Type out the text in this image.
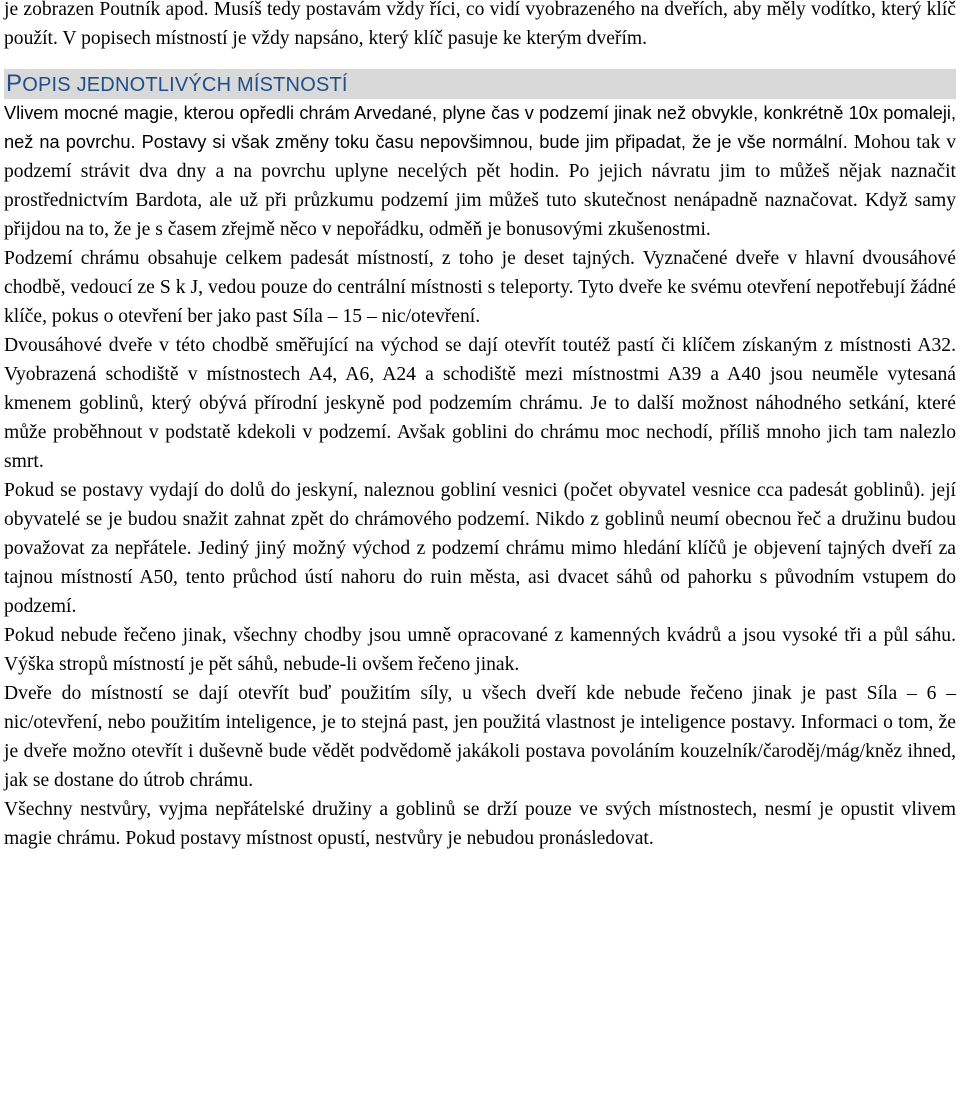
je zobrazen Poutník apod. Musíš tedy postavám vždy říci, co vidí vyobrazeného na dveřích, aby měly vodítko, který klíč použít. V popisech místností je vždy napsáno, který klíč pasuje ke kterým dveřím.

POPIS JEDNOTLIVÝCH MÍSTNOSTÍ

Vlivem mocné magie, kterou opředli chrám Arvedané, plyne čas v podzemí jinak než obvykle, konkrétně 10x pomaleji, než na povrchu. Postavy si však změny toku času nepovšimnou, bude jim připadat, že je vše normální. Mohou tak v podzemí strávit dva dny a na povrchu uplyne necelých pět hodin. Po jejich návratu jim to můžeš nějak naznačit prostřednictvím Bardota, ale už při průzkumu podzemí jim můžeš tuto skutečnost nenápadně naznačovat. Když samy přijdou na to, že je s časem zřejmě něco v nepořádku, odměň je bonusovými zkušenostmi.

Podzemí chrámu obsahuje celkem padesát místností, z toho je deset tajných. Vyznačené dveře v hlavní dvousáhové chodbě, vedoucí ze S k J, vedou pouze do centrální místnosti s teleporty. Tyto dveře ke svému otevření nepotřebují žádné klíče, pokus o otevření ber jako past Síla – 15 – nic/otevření.

Dvousáhové dveře v této chodbě směřující na východ se dají otevřít toutéž pastí či klíčem získaným z místnosti A32. Vyobrazená schodiště v místnostech A4, A6, A24 a schodiště mezi místnostmi A39 a A40 jsou neuměle vytesaná kmenem goblinů, který obývá přírodní jeskyně pod podzemím chrámu. Je to další možnost náhodného setkání, které může proběhnout v podstatě kdekoli v podzemí. Avšak goblini do chrámu moc nechodí, příliš mnoho jich tam nalezlo smrt.

Pokud se postavy vydají do dolů do jeskyní, naleznou gobliní vesnici (počet obyvatel vesnice cca padesát goblinů). její obyvatelé se je budou snažit zahnat zpět do chrámového podzemí. Nikdo z goblinů neumí obecnou řeč a družinu budou považovat za nepřátele. Jediný jiný možný východ z podzemí chrámu mimo hledání klíčů je objevení tajných dveří za tajnou místností A50, tento průchod ústí nahoru do ruin města, asi dvacet sáhů od pahorku s původním vstupem do podzemí.

Pokud nebude řečeno jinak, všechny chodby jsou umně opracované z kamenných kvádrů a jsou vysoké tři a půl sáhu. Výška stropů místností je pět sáhů, nebude-li ovšem řečeno jinak.

Dveře do místností se dají otevřít buď použitím síly, u všech dveří kde nebude řečeno jinak je past Síla – 6 – nic/otevření, nebo použitím inteligence, je to stejná past, jen použitá vlastnost je inteligence postavy. Informaci o tom, že je dveře možno otevřít i duševně bude vědět podvědomě jakákoli postava povoláním kouzelník/čaroděj/mág/kněz ihned, jak se dostane do útrob chrámu.

Všechny nestvůry, vyjma nepřátelské družiny a goblinů se drží pouze ve svých místnostech, nesmí je opustit vlivem magie chrámu. Pokud postavy místnost opustí, nestvůry je nebudou pronásledovat.
